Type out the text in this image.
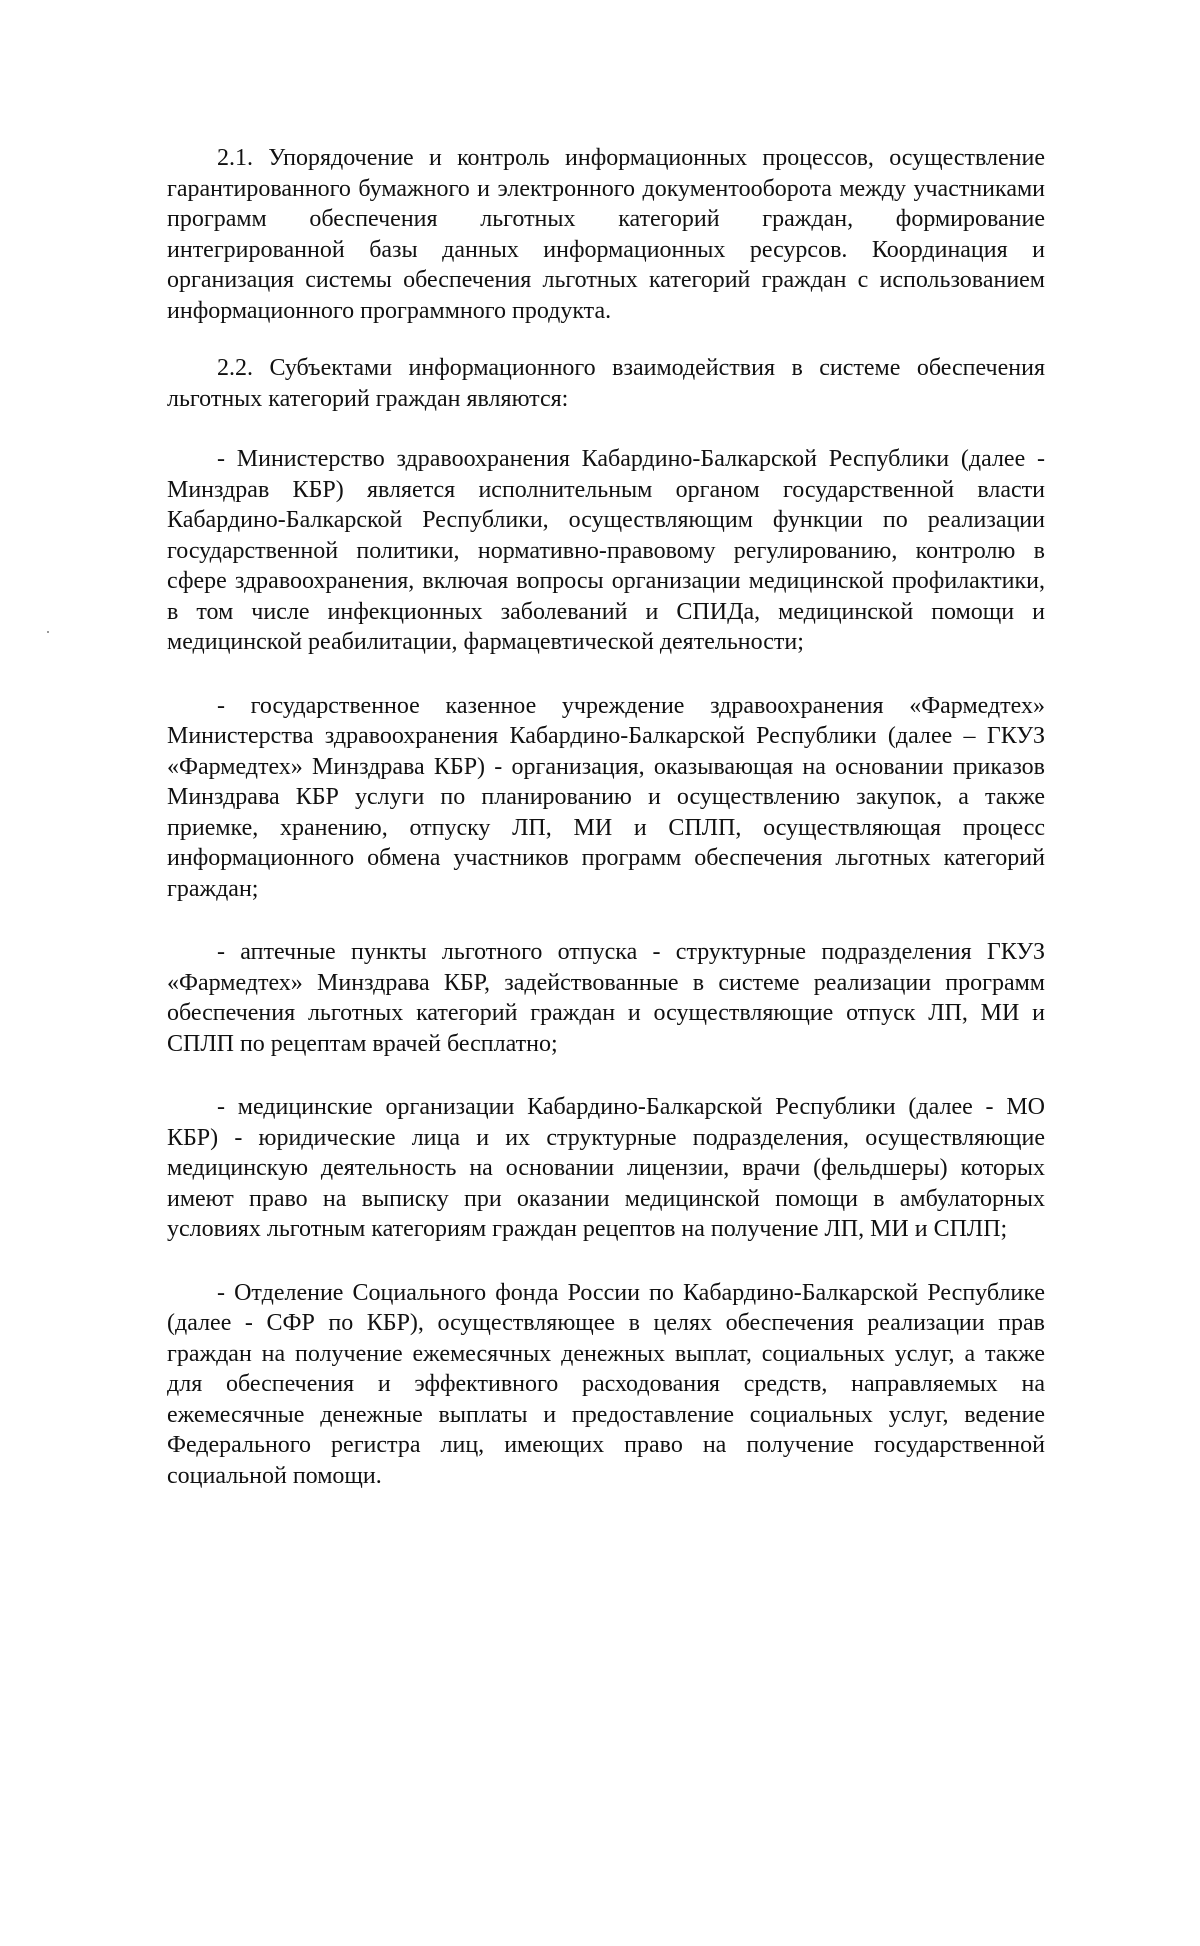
2.1. Упорядочение и контроль информационных процессов, осуществление гарантированного бумажного и электронного документооборота между участниками программ обеспечения льготных категорий граждан, формирование интегрированной базы данных информационных ресурсов. Координация и организация системы обеспечения льготных категорий граждан с использованием информационного программного продукта.

2.2. Субъектами информационного взаимодействия в системе обеспечения льготных категорий граждан являются:

- Министерство здравоохранения Кабардино-Балкарской Республики (далее - Минздрав КБР) является исполнительным органом государственной власти Кабардино-Балкарской Республики, осуществляющим функции по реализации государственной политики, нормативно-правовому регулированию, контролю в сфере здравоохранения, включая вопросы организации медицинской профилактики, в том числе инфекционных заболеваний и СПИДа, медицинской помощи и медицинской реабилитации, фармацевтической деятельности;

- государственное казенное учреждение здравоохранения «Фармедтех» Министерства здравоохранения Кабардино-Балкарской Республики (далее – ГКУЗ «Фармедтех» Минздрава КБР) - организация, оказывающая на основании приказов Минздрава КБР услуги по планированию и осуществлению закупок, а также приемке, хранению, отпуску ЛП, МИ и СПЛП, осуществляющая процесс информационного обмена участников программ обеспечения льготных категорий граждан;

- аптечные пункты льготного отпуска - структурные подразделения ГКУЗ «Фармедтех» Минздрава КБР, задействованные в системе реализации программ обеспечения льготных категорий граждан и осуществляющие отпуск ЛП, МИ и СПЛП по рецептам врачей бесплатно;

- медицинские организации Кабардино-Балкарской Республики (далее - МО КБР) - юридические лица и их структурные подразделения, осуществляющие медицинскую деятельность на основании лицензии, врачи (фельдшеры) которых имеют право на выписку при оказании медицинской помощи в амбулаторных условиях льготным категориям граждан рецептов на получение ЛП, МИ и СПЛП;

- Отделение Социального фонда России по Кабардино-Балкарской Республике (далее - СФР по КБР), осуществляющее в целях обеспечения реализации прав граждан на получение ежемесячных денежных выплат, социальных услуг, а также для обеспечения и эффективного расходования средств, направляемых на ежемесячные денежные выплаты и предоставление социальных услуг, ведение Федерального регистра лиц, имеющих право на получение государственной социальной помощи.
